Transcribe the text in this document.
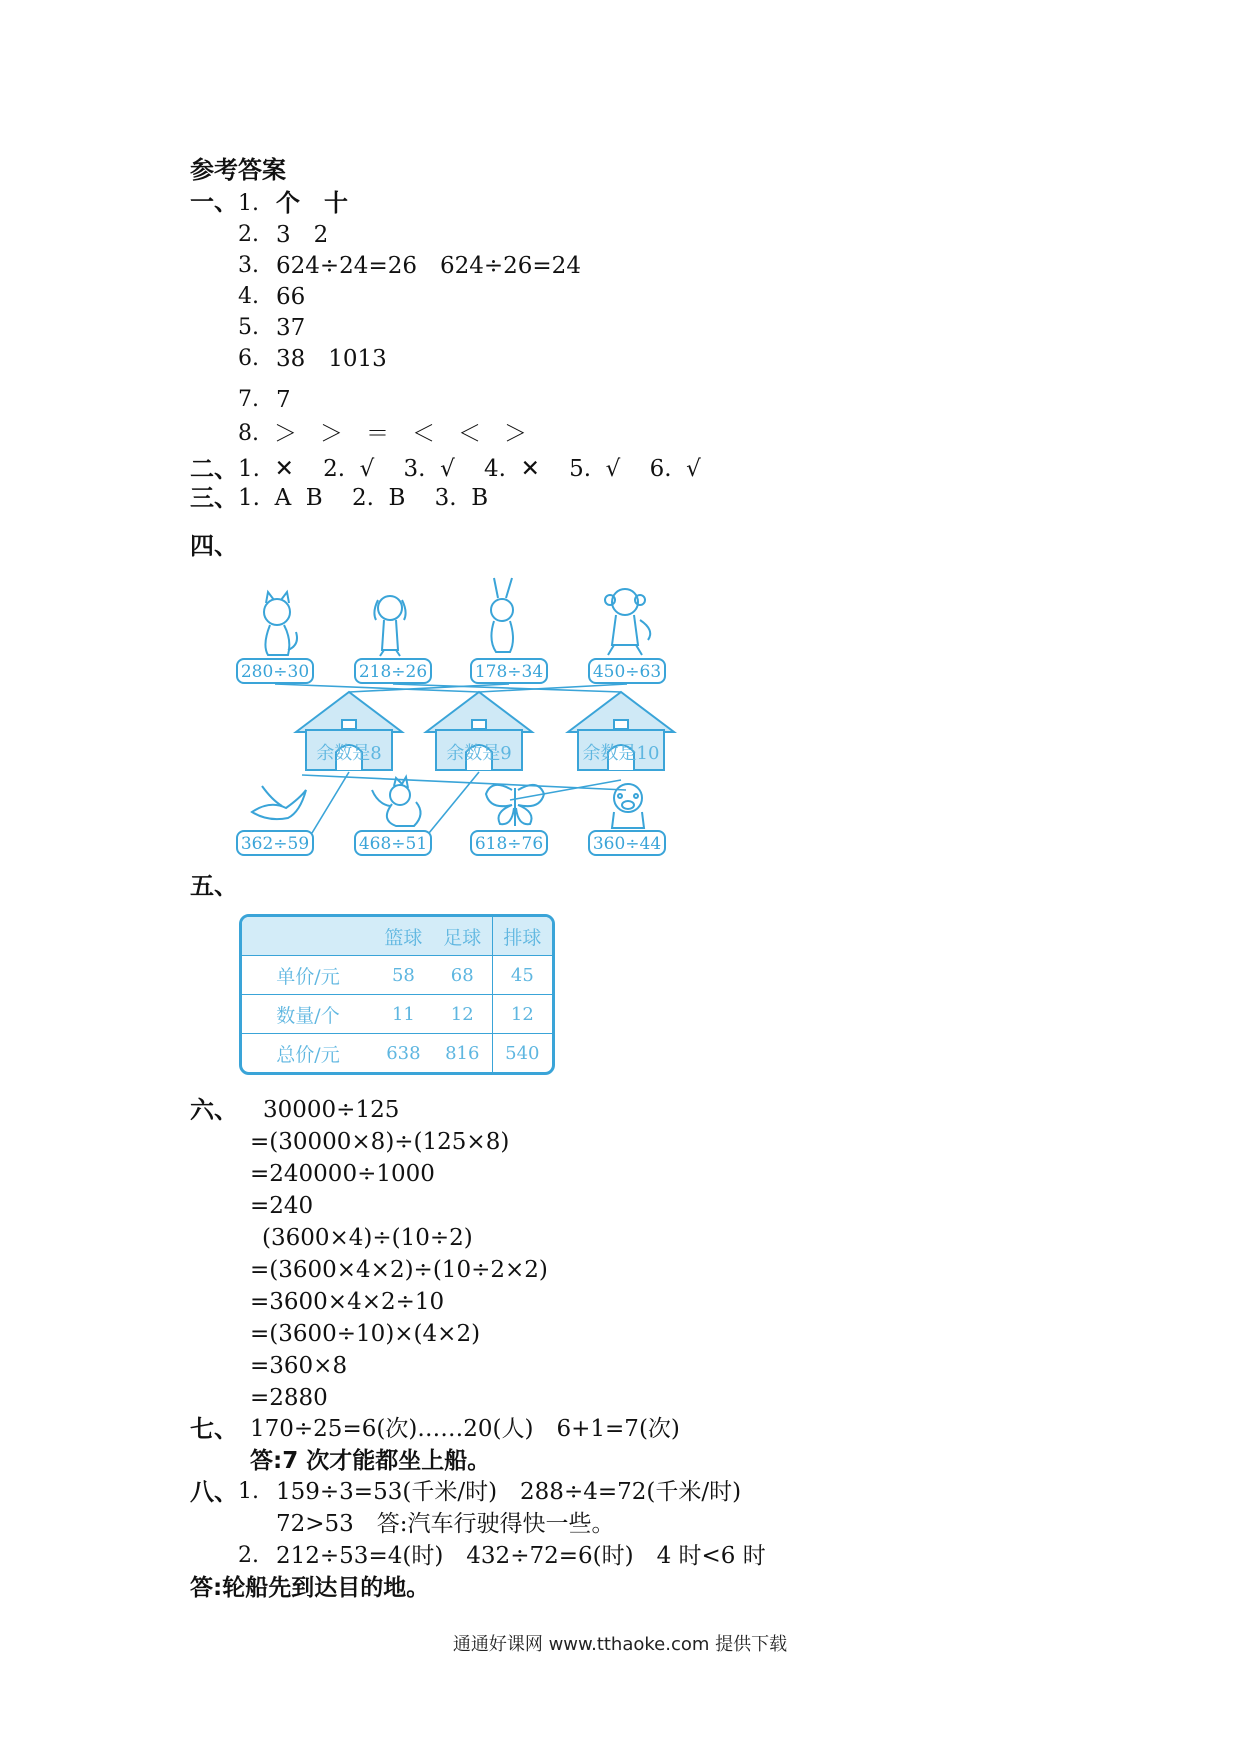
参考答案
一、 1. 个　十
2. 3　2
3. 624÷24=26　624÷26=24
4. 66
5. 37
6. 38　1013
7. 7
8. ＞　＞　＝　＜　＜　＞
二、 1.  ✕    2.  √    3.  √    4.  ✕    5.  √    6.  √
三、 1.  A  B    2.  B    3.  B
四、
280÷30	218÷26	178÷34	450÷63
余数是8	余数是9	余数是10
362÷59	468÷51	618÷76	360÷44
五、
	篮球	足球	排球
单价/元	58	68	45
数量/个	11	12	12
总价/元	638	816	540
六、 30000÷125
=(30000×8)÷(125×8)
=240000÷1000
=240
(3600×4)÷(10÷2)
=(3600×4×2)÷(10÷2×2)
=3600×4×2÷10
=(3600÷10)×(4×2)
=360×8
=2880
七、 170÷25=6(次)……20(人)　6+1=7(次)
答:7 次才能都坐上船。
八、 1. 159÷3=53(千米/时)　288÷4=72(千米/时)
72>53　答:汽车行驶得快一些。
2. 212÷53=4(时)　432÷72=6(时)　4 时<6 时
答:轮船先到达目的地。
通通好课网 www.tthaoke.com 提供下载
